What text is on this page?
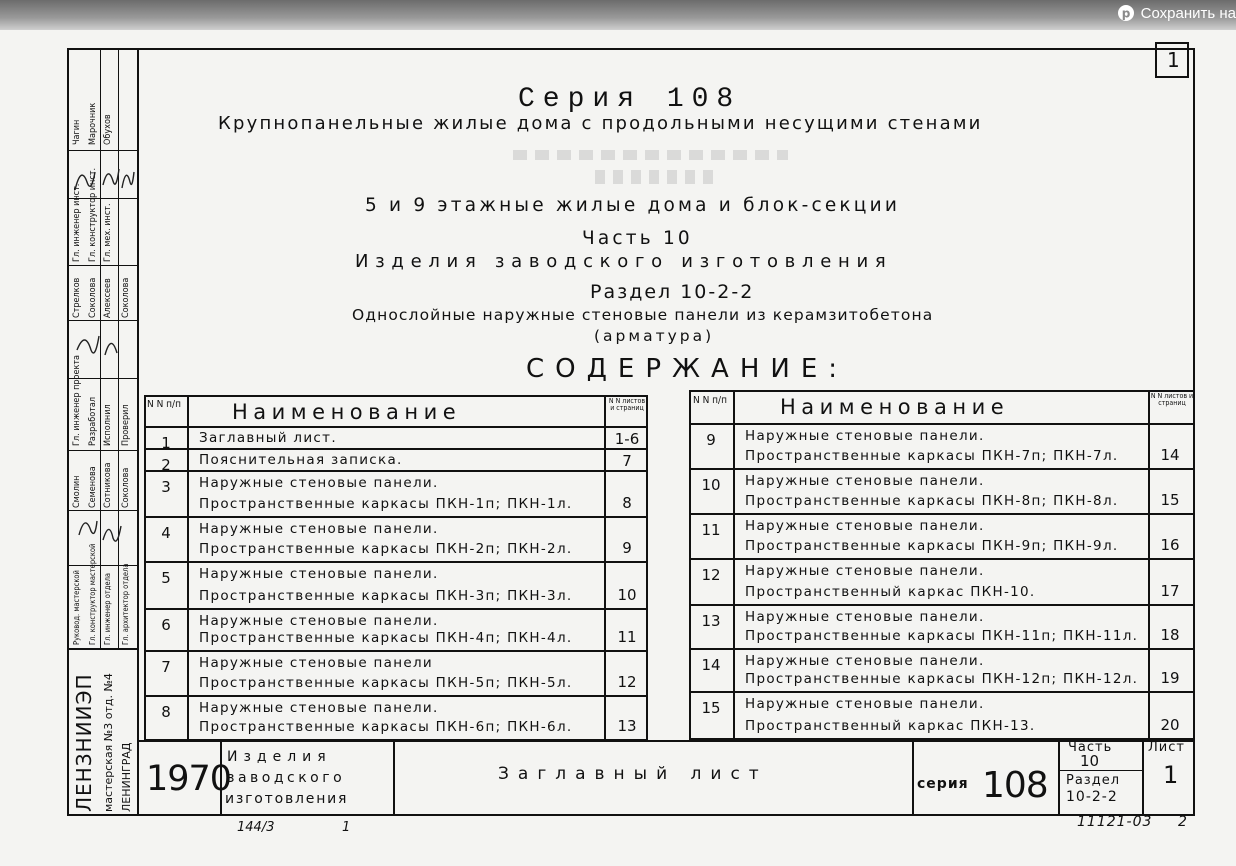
p Сохранить на
Чагин Марочник Обухов
Гл. инженер инст. Гл. конструктор инст. Гл. мех. инст.
Стрелков Соколова Алексеев Соколова
Гл. инженер проекта Разработал Исполнил Проверил
Смолин Семенова Сотникова Соколова
Руковод. мастерской Гл. конструктор мастерской Гл. инженер отдела Гл. архитектор отдела
ЛЕНЗНИИЭП мастерская №3 отд. №4 ЛЕНИНГРАД
1
Серия 108
Крупнопанельные жилые дома с продольными несущими стенами
5 и 9 этажные жилые дома и блок-секции
Часть 10
Изделия заводского изготовления
Раздел 10-2-2
Однослойные наружные стеновые панели из керамзитобетона
(арматура)
СОДЕРЖАНИЕ:
N N п/п Наименование	N N листов и страниц
1	Заглавный лист.	1-6
2	Пояснительная записка.	7
3	Наружные стеновые панели.
Пространственные каркасы ПКН-1п; ПКН-1л.	8
4	Наружные стеновые панели.
Пространственные каркасы ПКН-2п; ПКН-2л.	9
5	Наружные стеновые панели.
Пространственные каркасы ПКН-3п; ПКН-3л.	10
6	Наружные стеновые панели.
Пространственные каркасы ПКН-4п; ПКН-4л.	11
7	Наружные стеновые панели
Пространственные каркасы ПКН-5п; ПКН-5л.	12
8	Наружные стеновые панели.
Пространственные каркасы ПКН-6п; ПКН-6л.	13
N N п/п	Наименование	N N листов и страниц
9	Наружные стеновые панели.
Пространственные каркасы ПКН-7п; ПКН-7л.	14
10	Наружные стеновые панели.
Пространственные каркасы ПКН-8п; ПКН-8л.	15
11	Наружные стеновые панели.
Пространственные каркасы ПКН-9п; ПКН-9л.	16
12	Наружные стеновые панели.
Пространственный каркас ПКН-10.	17
13	Наружные стеновые панели.
Пространственные каркасы ПКН-11п; ПКН-11л.	18
14	Наружные стеновые панели.
Пространственные каркасы ПКН-12п; ПКН-12л.	19
15	Наружные стеновые панели.
Пространственный каркас ПКН-13.	20
1970
Изделия
заводского
изготовления
Заглавный лист	серия 108
Часть
10
Раздел
10-2-2
Лист
1
144/3	1	11121-03 2
